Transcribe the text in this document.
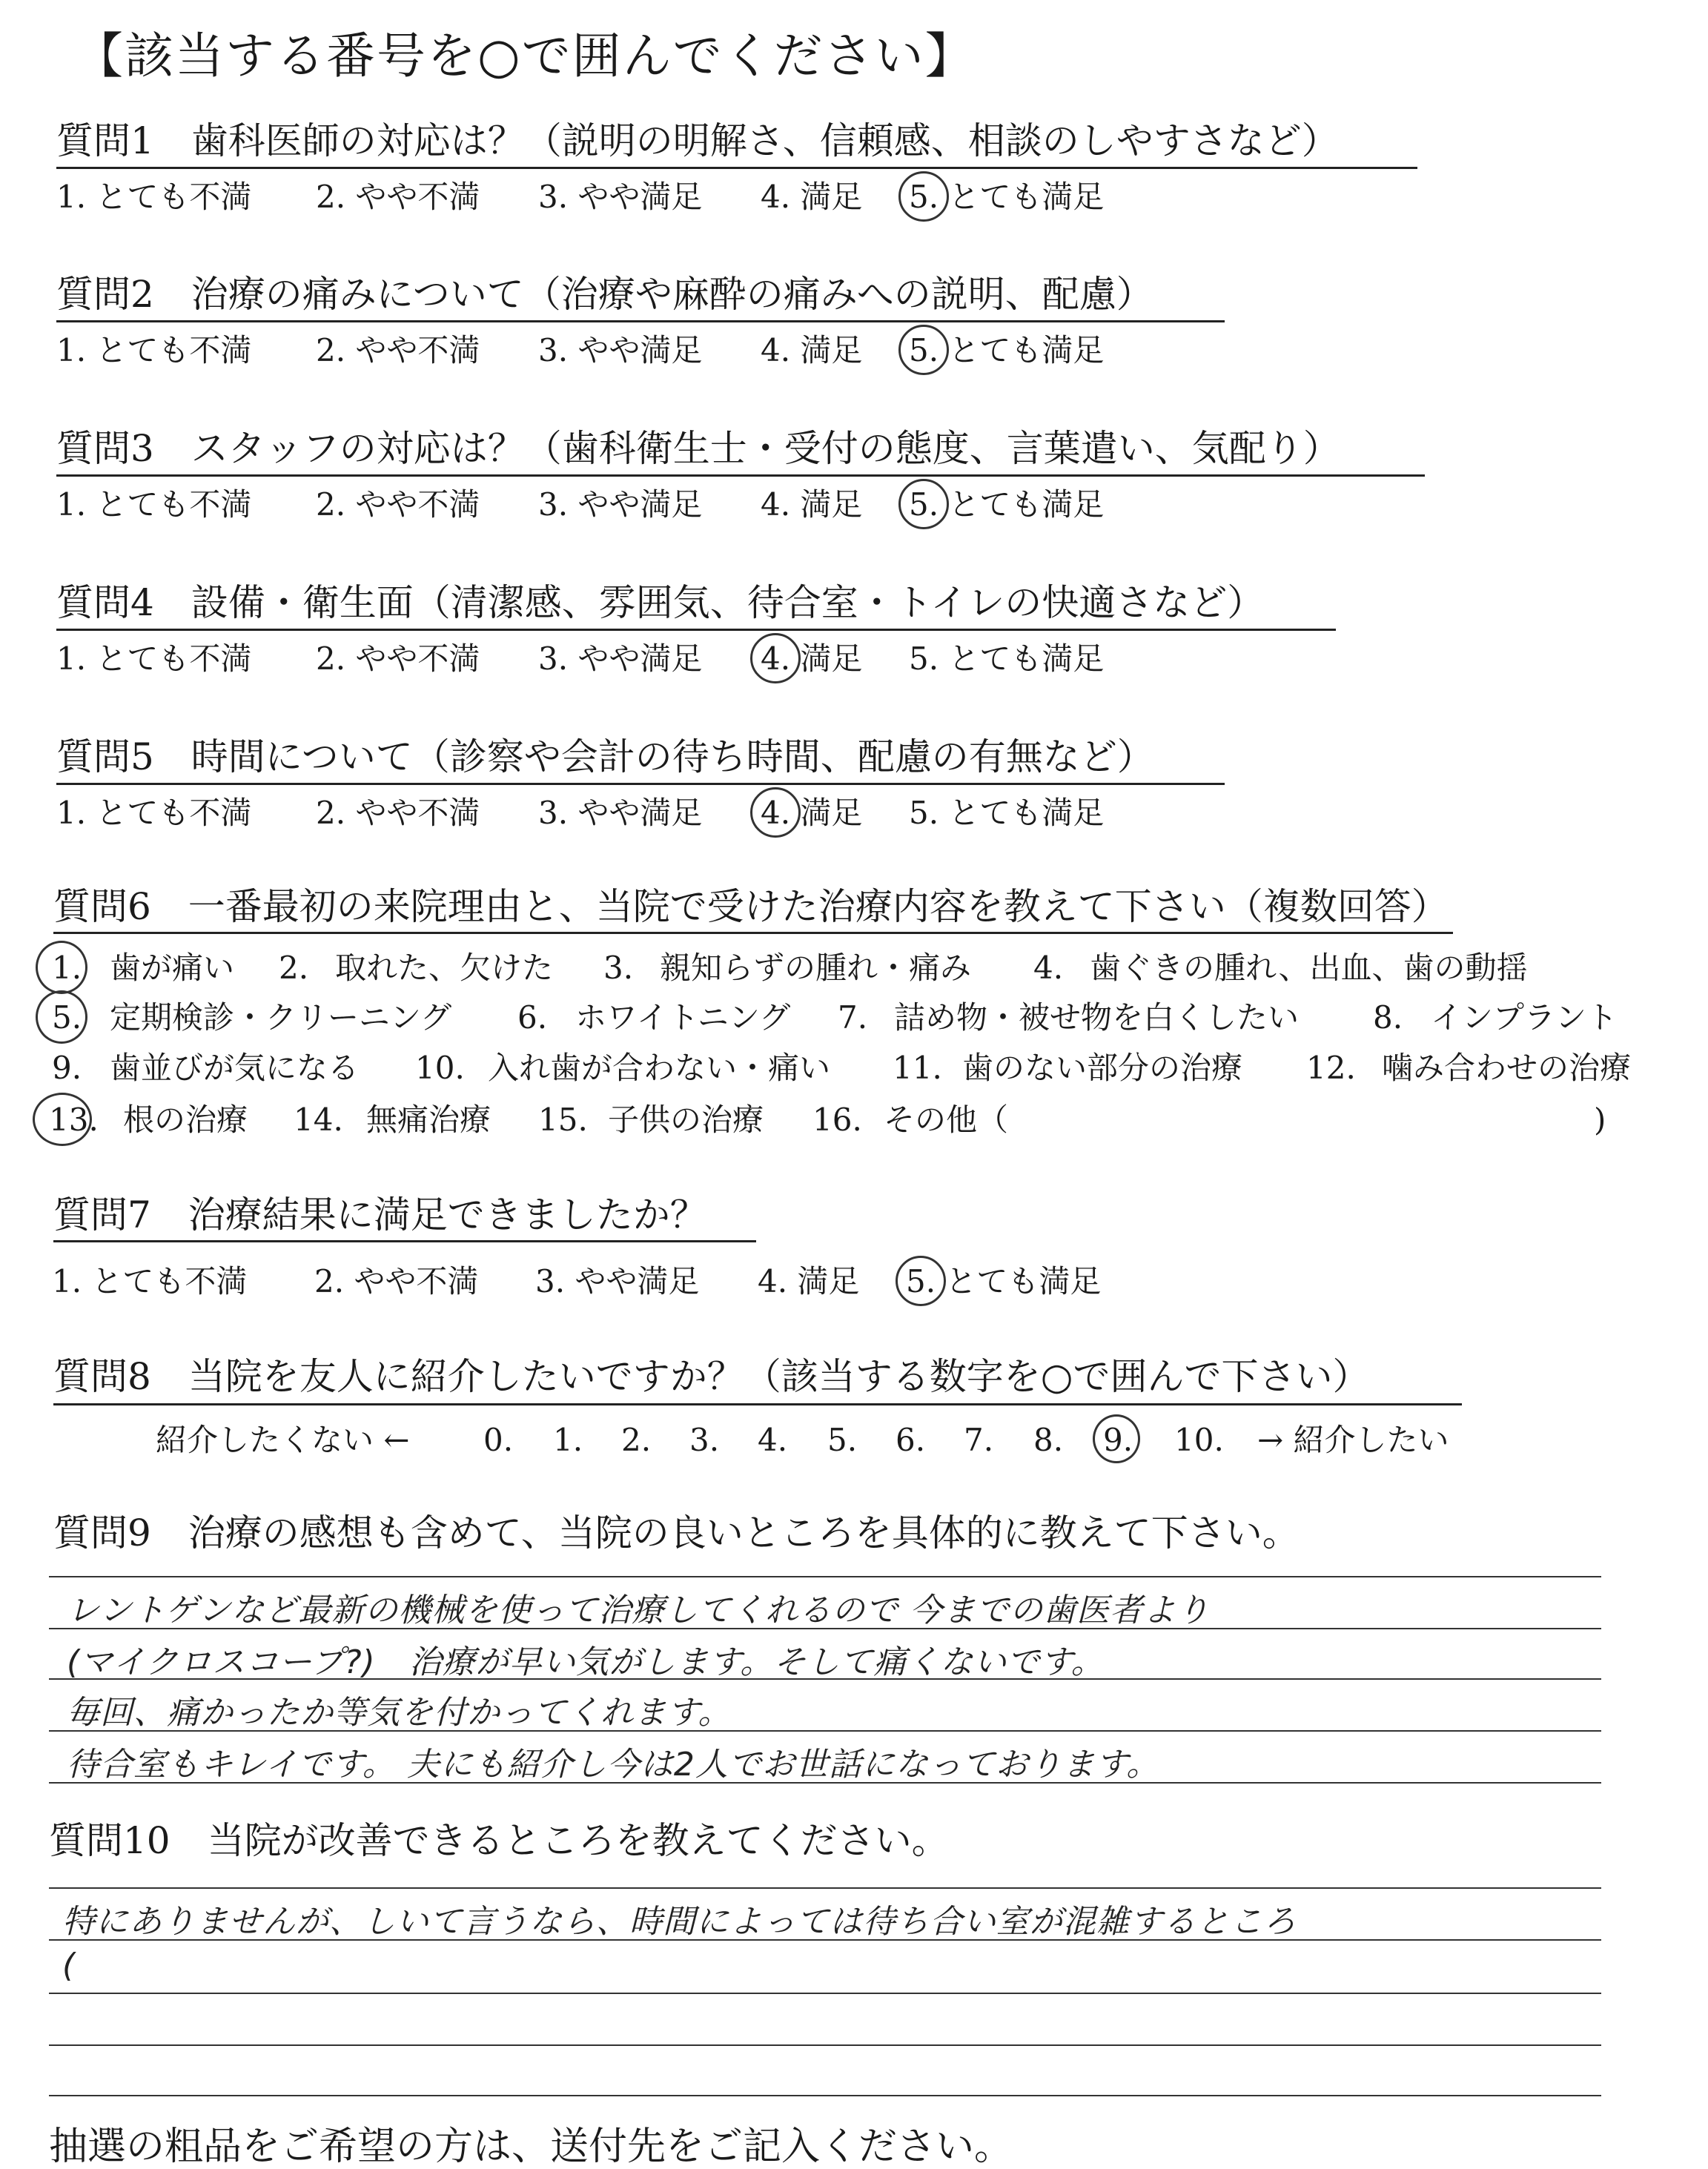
【該当する番号を○で囲んでください】
質問1　歯科医師の対応は？（説明の明解さ、信頼感、相談のしやすさなど）
1. とても不満 2. やや不満 3. やや満足 4. 満足 5. とても満足
質問2　治療の痛みについて（治療や麻酔の痛みへの説明、配慮）
1. とても不満 2. やや不満 3. やや満足 4. 満足 5. とても満足
質問3　スタッフの対応は？（歯科衛生士・受付の態度、言葉遣い、気配り）
1. とても不満 2. やや不満 3. やや満足 4. 満足 5. とても満足
質問4　設備・衛生面（清潔感、雰囲気、待合室・トイレの快適さなど）
1. とても不満 2. やや不満 3. やや満足 4. 満足 5. とても満足
質問5　時間について（診察や会計の待ち時間、配慮の有無など）
1. とても不満 2. やや不満 3. やや満足 4. 満足 5. とても満足
質問6　一番最初の来院理由と、当院で受けた治療内容を教えて下さい（複数回答）
1. 歯が痛い 2. 取れた、欠けた 3. 親知らずの腫れ・痛み 4. 歯ぐきの腫れ、出血、歯の動揺
5. 定期検診・クリーニング 6. ホワイトニング 7. 詰め物・被せ物を白くしたい 8. インプラント
9. 歯並びが気になる 10. 入れ歯が合わない・痛い 11. 歯のない部分の治療 12. 噛み合わせの治療
13. 根の治療 14. 無痛治療 15. 子供の治療 16. その他（	)
質問7　治療結果に満足できましたか？
1. とても不満 2. やや不満 3. やや満足 4. 満足 5. とても満足
質問8　当院を友人に紹介したいですか？（該当する数字を○で囲んで下さい）
紹介したくない ← 0. 1. 2. 3. 4. 5. 6. 7. 8. 9. 10. → 紹介したい
質問9　治療の感想も含めて、当院の良いところを具体的に教えて下さい。
レントゲンなど最新の機械を使って治療してくれるので 今までの歯医者より
(マイクロスコープ?)　治療が早い気がします。そして痛くないです。
毎回、痛かったか等気を付かってくれます。
待合室もキレイです。 夫にも紹介し今は2人でお世話になっております。
質問10　当院が改善できるところを教えてください。
特にありませんが、しいて言うなら、時間によっては待ち合い室が混雑するところ
(
抽選の粗品をご希望の方は、送付先をご記入ください。
